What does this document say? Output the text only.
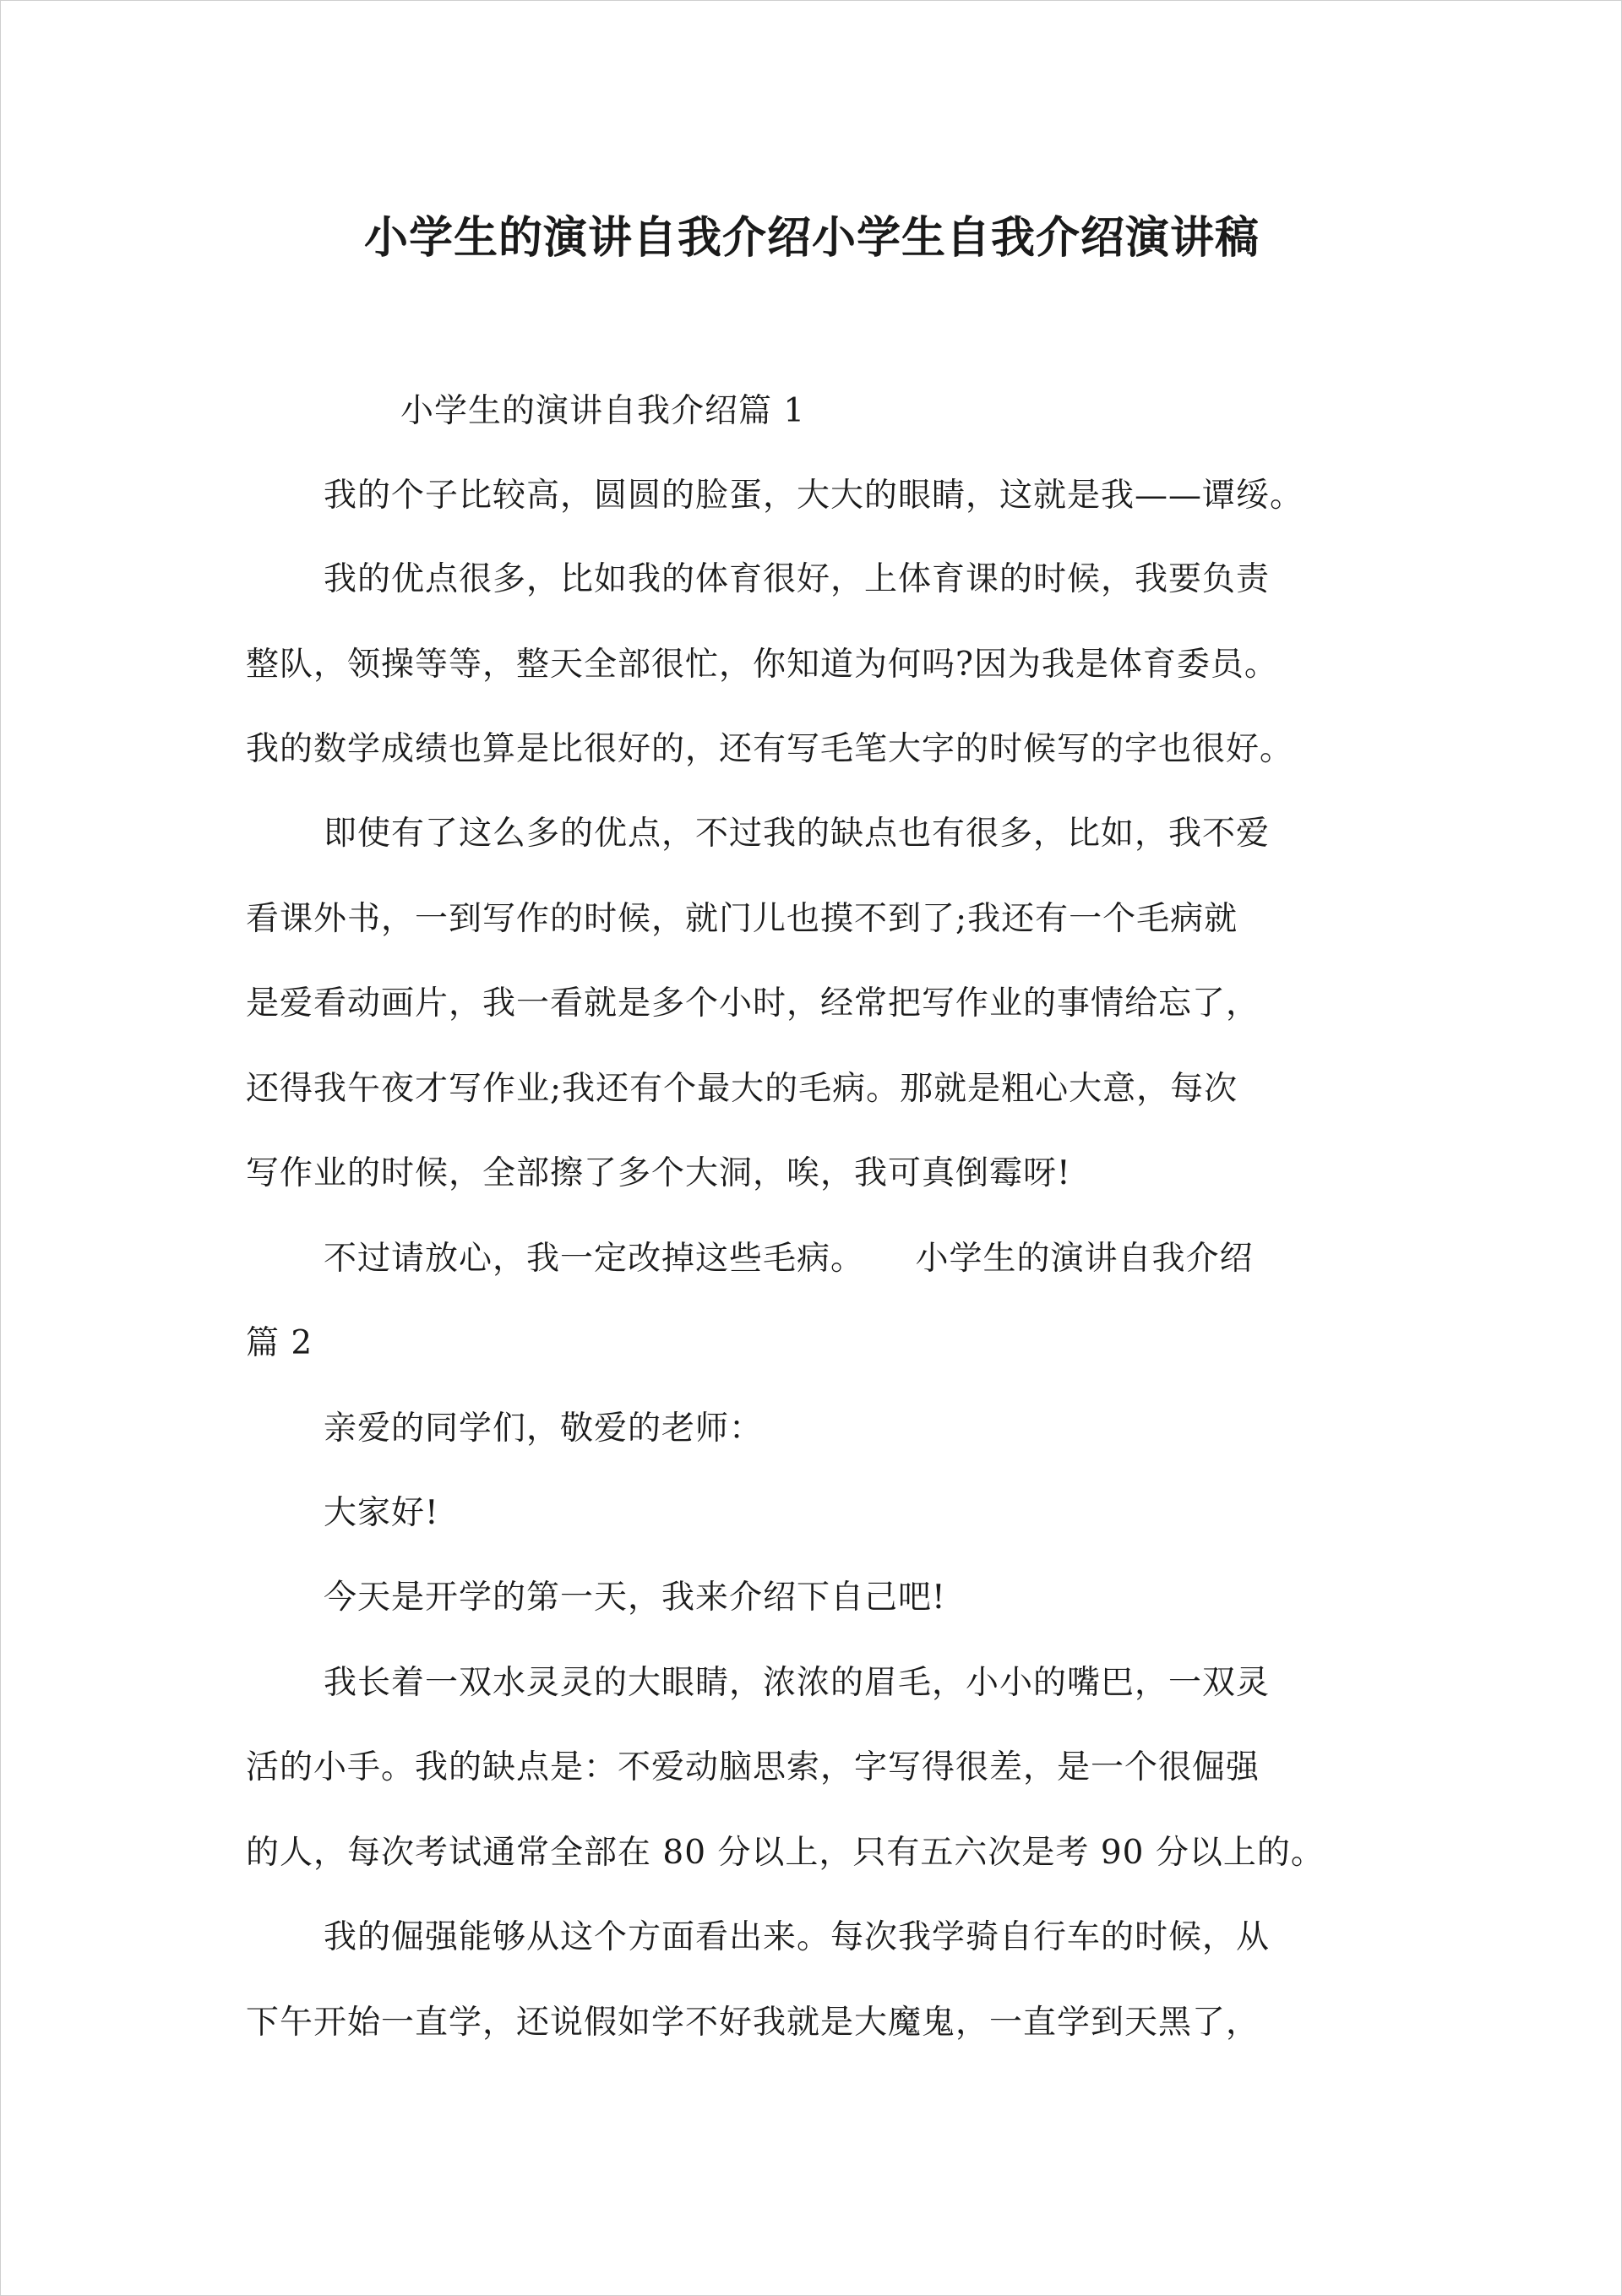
小学生的演讲自我介绍小学生自我介绍演讲稿
小学生的演讲自我介绍篇 1
我的个子比较高，圆圆的脸蛋，大大的眼睛，这就是我——谭绥。
我的优点很多，比如我的体育很好，上体育课的时候，我要负责
整队，领操等等，整天全部很忙，你知道为何吗?因为我是体育委员。
我的数学成绩也算是比很好的，还有写毛笔大字的时候写的字也很好。
即使有了这么多的优点，不过我的缺点也有很多，比如，我不爱
看课外书，一到写作的时候，就门儿也摸不到了;我还有一个毛病就
是爱看动画片，我一看就是多个小时，经常把写作业的事情给忘了，
还得我午夜才写作业;我还有个最大的毛病。那就是粗心大意，每次
写作业的时候，全部擦了多个大洞，唉，我可真倒霉呀!
不过请放心，我一定改掉这些毛病。　　小学生的演讲自我介绍
篇 2
亲爱的同学们，敬爱的老师：
大家好!
今天是开学的第一天，我来介绍下自己吧!
我长着一双水灵灵的大眼睛，浓浓的眉毛，小小的嘴巴，一双灵
活的小手。我的缺点是：不爱动脑思索，字写得很差，是一个很倔强
的人，每次考试通常全部在 80 分以上，只有五六次是考 90 分以上的。
我的倔强能够从这个方面看出来。每次我学骑自行车的时候，从
下午开始一直学，还说假如学不好我就是大魔鬼，一直学到天黑了，
